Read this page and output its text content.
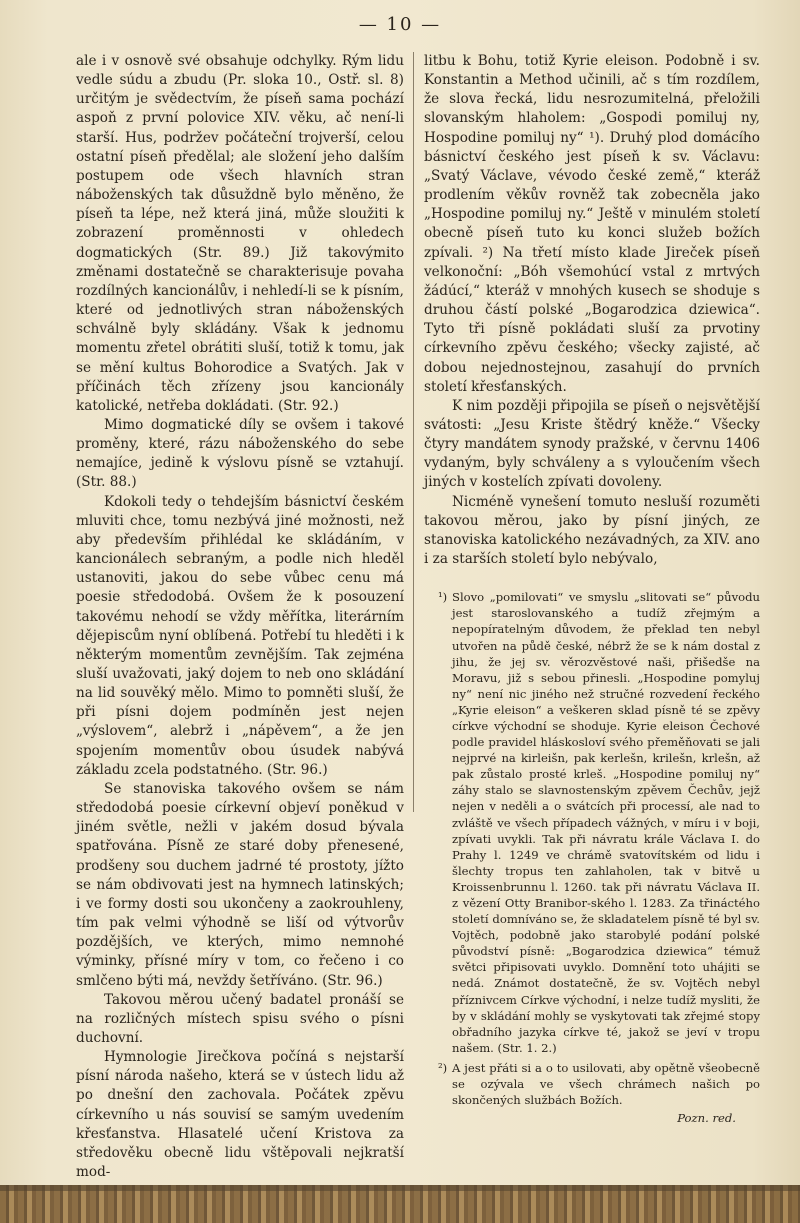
— 10 —

ale i v osnově své obsahuje odchylky. Rým lidu vedle súdu a zbudu (Pr. sloka 10., Ostř. sl. 8) určitým je svědectvím, že píseň sama pochází aspoň z první polovice XIV. věku, ač není-li starší. Hus, podržev počáteční trojverší, celou ostatní píseň předělal; ale složení jeho dalším postupem ode všech hlavních stran náboženských tak důsuždně bylo měněno, že píseň ta lépe, než která jiná, může sloužiti k zobrazení proměnnosti v ohledech dogmatických (Str. 89.) Již takovýmito změnami dostatečně se charakterisuje povaha rozdílných kancionálův, i nehledí-li se k písním, které od jednotlivých stran náboženských schválně byly skládány. Však k jednomu momentu zřetel obrátiti sluší, totiž k tomu, jak se mění kultus Bohorodice a Svatých. Jak v příčinách těch zřízeny jsou kancionály katolické, netřeba dokládati. (Str. 92.)

Mimo dogmatické díly se ovšem i takové proměny, které, rázu náboženského do sebe nemajíce, jedině k výslovu písně se vztahují. (Str. 88.)

Kdokoli tedy o tehdejším básnictví českém mluviti chce, tomu nezbývá jiné možnosti, než aby především přihlédal ke skládáním, v kancionálech sebraným, a podle nich hleděl ustanoviti, jakou do sebe vůbec cenu má poesie středodobá. Ovšem že k posouzení takovému nehodí se vždy měřítka, literárním dějepiscům nyní oblíbená. Potřebí tu hleděti i k některým momentům zevnějším. Tak zejména sluší uvažovati, jaký dojem to neb ono skládání na lid souvěký mělo. Mimo to pomněti sluší, že při písni dojem podmíněn jest nejen „výslovem“, alebrž i „nápěvem“, a že jen spojením momentův obou úsudek nabývá základu zcela podstatného. (Str. 96.)

Se stanoviska takového ovšem se nám středodobá poesie církevní objeví poněkud v jiném světle, nežli v jakém dosud bývala spatřována. Písně ze staré doby přenesené, prodšeny sou duchem jadrné té prostoty, jížto se nám obdivovati jest na hymnech latinských; i ve formy dosti sou ukončeny a zaokrouhleny, tím pak velmi výhodně se liší od výtvorův pozdějších, ve kterých, mimo nemnohé výminky, přísné míry v tom, co řečeno i co smlčeno býti má, nevždy šetříváno. (Str. 96.)

Takovou měrou učený badatel pronáší se na rozličných místech spisu svého o písni duchovní.

Hymnologie Jirečkova počíná s nejstarší písní národa našeho, která se v ústech lidu až po dnešní den zachovala. Počátek zpěvu církevního u nás souvisí se samým uvedením křesťanstva. Hlasatelé učení Kristova za středověku obecně lidu vštěpovali nejkratší mod-

litbu k Bohu, totiž Kyrie eleison. Podobně i sv. Konstantin a Method učinili, ač s tím rozdílem, že slova řecká, lidu nesrozumitelná, přeložili slovanským hlaholem: „Gospodi pomiluj ny, Hospodine pomiluj ny“ ¹). Druhý plod domácího básnictví českého jest píseň k sv. Václavu: „Svatý Václave, vévodo české země,“ kteráž prodlením věkův rovněž tak zobecněla jako „Hospodine pomiluj ny.“ Ještě v minulém století obecně píseň tuto ku konci služeb božích zpívali. ²) Na třetí místo klade Jireček píseň velkonoční: „Bóh všemohúcí vstal z mrtvých žádúcí,“ kteráž v mnohých kusech se shoduje s druhou částí polské „Bogarodzica dziewica“. Tyto tři písně pokládati sluší za prvotiny církevního zpěvu českého; všecky zajisté, ač dobou nejednostejnou, zasahují do prvních století křesťanských.

K nim později připojila se píseň o nejsvětější svátosti: „Jesu Kriste štědrý kněže.“ Všecky čtyry mandátem synody pražské, v červnu 1406 vydaným, byly schváleny a s vyloučením všech jiných v kostelích zpívati dovoleny.

Nicméně vynešení tomuto nesluší rozuměti takovou měrou, jako by písní jiných, ze stanoviska katolického nezávadných, za XIV. ano i za starších století bylo nebývalo,

¹) Slovo „pomilovati“ ve smyslu „slitovati se“ původu jest staroslovanského a tudíž zřejmým a nepopíratelným důvodem, že překlad ten nebyl utvořen na půdě české, nébrž že se k nám dostal z jihu, že jej sv. věrozvěstové naši, přišedše na Moravu, již s sebou přinesli. „Hospodine pomyluj ny“ není nic jiného než stručné rozvedení řeckého „Kyrie eleison“ a veškeren sklad písně té se zpěvy církve východní se shoduje. Kyrie eleison Čechové podle pravidel hláskosloví svého přeměňovati se jali nejprvé na kirleišn, pak kerlešn, krilešn, krlešn, až pak zůstalo prosté krleš. „Hospodine pomiluj ny“ záhy stalo se slavnostenským zpěvem Čechův, jejž nejen v neděli a o svátcích při processí, ale nad to zvláště ve všech případech vážných, v míru i v boji, zpívati uvykli. Tak při návratu krále Václava I. do Prahy l. 1249 ve chrámě svatovítském od lidu i šlechty tropus ten zahlaholen, tak v bitvě u Kroissenbrunnu l. 1260. tak při návratu Václava II. z vězení Otty Branibor-ského l. 1283. Za třináctého století domníváno se, že skladatelem písně té byl sv. Vojtěch, podobně jako starobylé podání polské původství písně: „Bogarodzica dziewica“ témuž světci připisovati uvyklo. Domnění toto uhájiti se nedá. Známot dostatečně, že sv. Vojtěch nebyl příznivcem Církve východní, i nelze tudíž mysliti, že by v skládání mohly se vyskytovati tak zřejmé stopy obřadního jazyka církve té, jakož se jeví v tropu našem. (Str. 1. 2.)

²) A jest přáti si a o to usilovati, aby opětně všeobecně se ozývala ve všech chrámech našich po skončených službách Božích.

Pozn. red.
